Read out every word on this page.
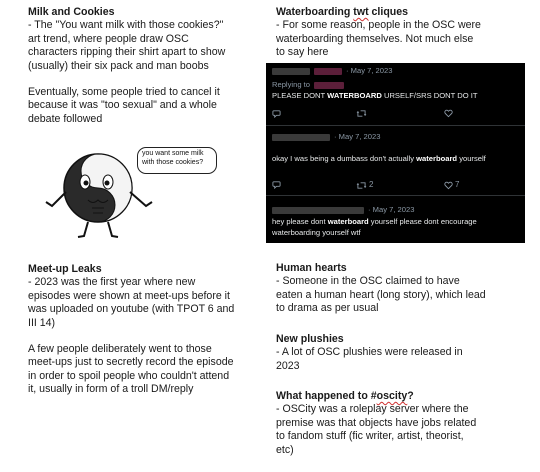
Milk and Cookies
- The "You want milk with those cookies?"
art trend, where people draw OSC
characters ripping their shirt apart to show
(usually) their six pack and man boobs
Eventually, some people tried to cancel it
because it was "too sexual" and a whole
debate followed
you want some milk
with those cookies?
Meet-up Leaks
- 2023 was the first year where new
episodes were shown at meet-ups before it
was uploaded on youtube (with TPOT 6 and
III 14)
A few people deliberately went to those
meet-ups just to secretly record the episode
in order to spoil people who couldn't attend
it, usually in form of a troll DM/reply
Waterboarding twt cliques
- For some reason, people in the OSC were
waterboarding themselves. Not much else
to say here
· May 7, 2023
Replying to
PLEASE DONT WATERBOARD URSELF/SRS DONT DO IT
· May 7, 2023
okay I was being a dumbass don't actually waterboard yourself
2	7
· May 7, 2023
hey please dont waterboard yourself please dont encourage
waterboarding yourself wtf
Human hearts
- Someone in the OSC claimed to have
eaten a human heart (long story), which lead
to drama as per usual
New plushies
- A lot of OSC plushies were released in
2023
What happened to #oscity?
- OSCity was a roleplay server where the
premise was that objects have jobs related
to fandom stuff (fic writer, artist, theorist,
etc)
